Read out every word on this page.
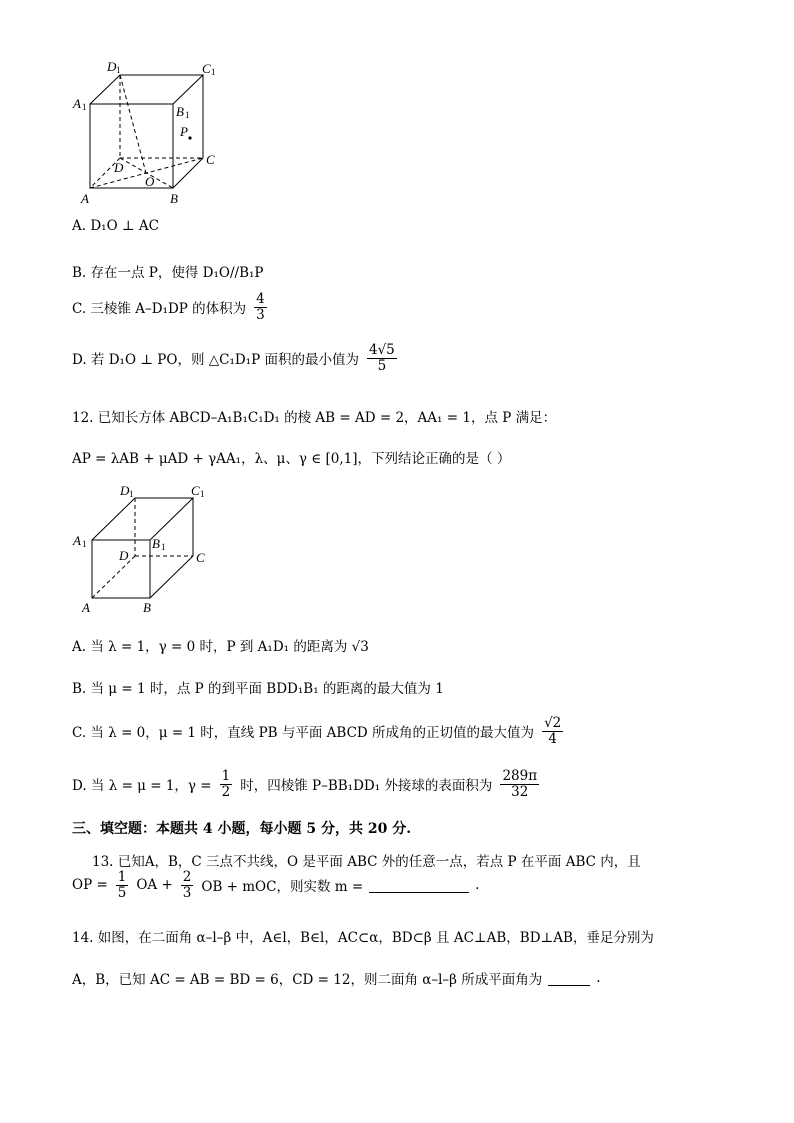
D 1	C 1
A 1	B 1
P
D
O
C
A	B
A. D₁O ⊥ AC
B. 存在一点 P，使得 D₁O//B₁P
C. 三棱锥 A–D₁DP 的体积为 $\frac{4}{3}$
D. 若 D₁O ⊥ PO，则 △C₁D₁P 面积的最小值为 $\frac{4√5}{5}$
12. 已知长方体 ABCD–A₁B₁C₁D₁ 的棱 AB = AD = 2，AA₁ = 1，点 P 满足：
AP = λAB + μAD + γAA₁，λ、μ、γ ∈ [0,1]，下列结论正确的是（ ）
D 1	C 1
A 1	B 1
D	C
A	B
A. 当 λ = 1，γ = 0 时，P 到 A₁D₁ 的距离为 √3
B. 当 μ = 1 时，点 P 的到平面 BDD₁B₁ 的距离的最大值为 1
C. 当 λ = 0，μ = 1 时，直线 PB 与平面 ABCD 所成角的正切值的最大值为 $\frac{√2}{4}$
D. 当 λ = μ = 1，$\gamma = \frac{1}{2}$ 时，四棱锥 P–BB₁DD₁ 外接球的表面积为 $\frac{289\pi}{32}$
三、填空题：本题共 4 小题，每小题 5 分，共 20 分.
13. 已知A，B，C 三点不共线，O 是平面 ABC 外的任意一点，若点 P 在平面 ABC 内，且
OP = $\frac{1}{5}$ OA + $\frac{2}{3}$ OB + mOC，则实数 m =	.
14. 如图，在二面角 α–l–β 中，A∈l，B∈l，AC⊂α，BD⊂β 且 AC⊥AB，BD⊥AB，垂足分别为
A，B，已知 AC = AB = BD = 6，CD = 12，则二面角 α–l–β 所成平面角为	.
